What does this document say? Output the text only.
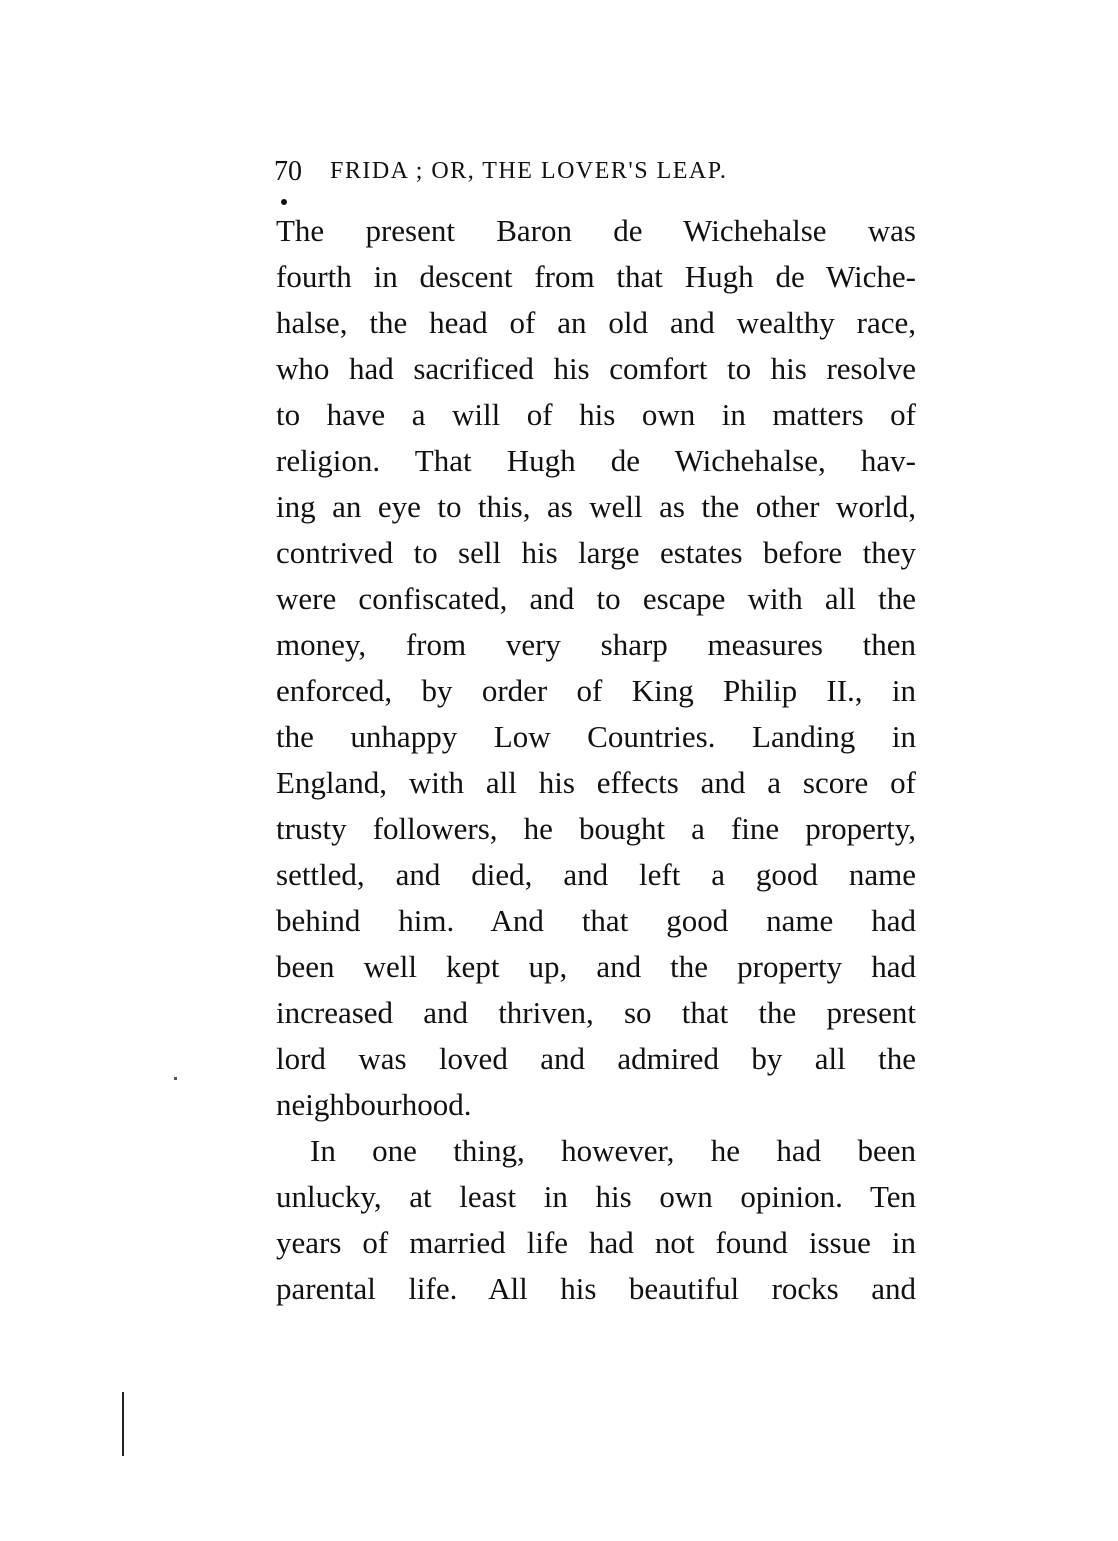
70 FRIDA ; OR, THE LOVER'S LEAP.
The present Baron de Wichehalse was
fourth in descent from that Hugh de Wiche-
halse, the head of an old and wealthy race,
who had sacrificed his comfort to his resolve
to have a will of his own in matters of
religion. That Hugh de Wichehalse, hav-
ing an eye to this, as well as the other world,
contrived to sell his large estates before they
were confiscated, and to escape with all the
money, from very sharp measures then
enforced, by order of King Philip II., in
the unhappy Low Countries. Landing in
England, with all his effects and a score of
trusty followers, he bought a fine property,
settled, and died, and left a good name
behind him. And that good name had
been well kept up, and the property had
increased and thriven, so that the present
lord was loved and admired by all the
neighbourhood.
In one thing, however, he had been
unlucky, at least in his own opinion. Ten
years of married life had not found issue in
parental life. All his beautiful rocks and
